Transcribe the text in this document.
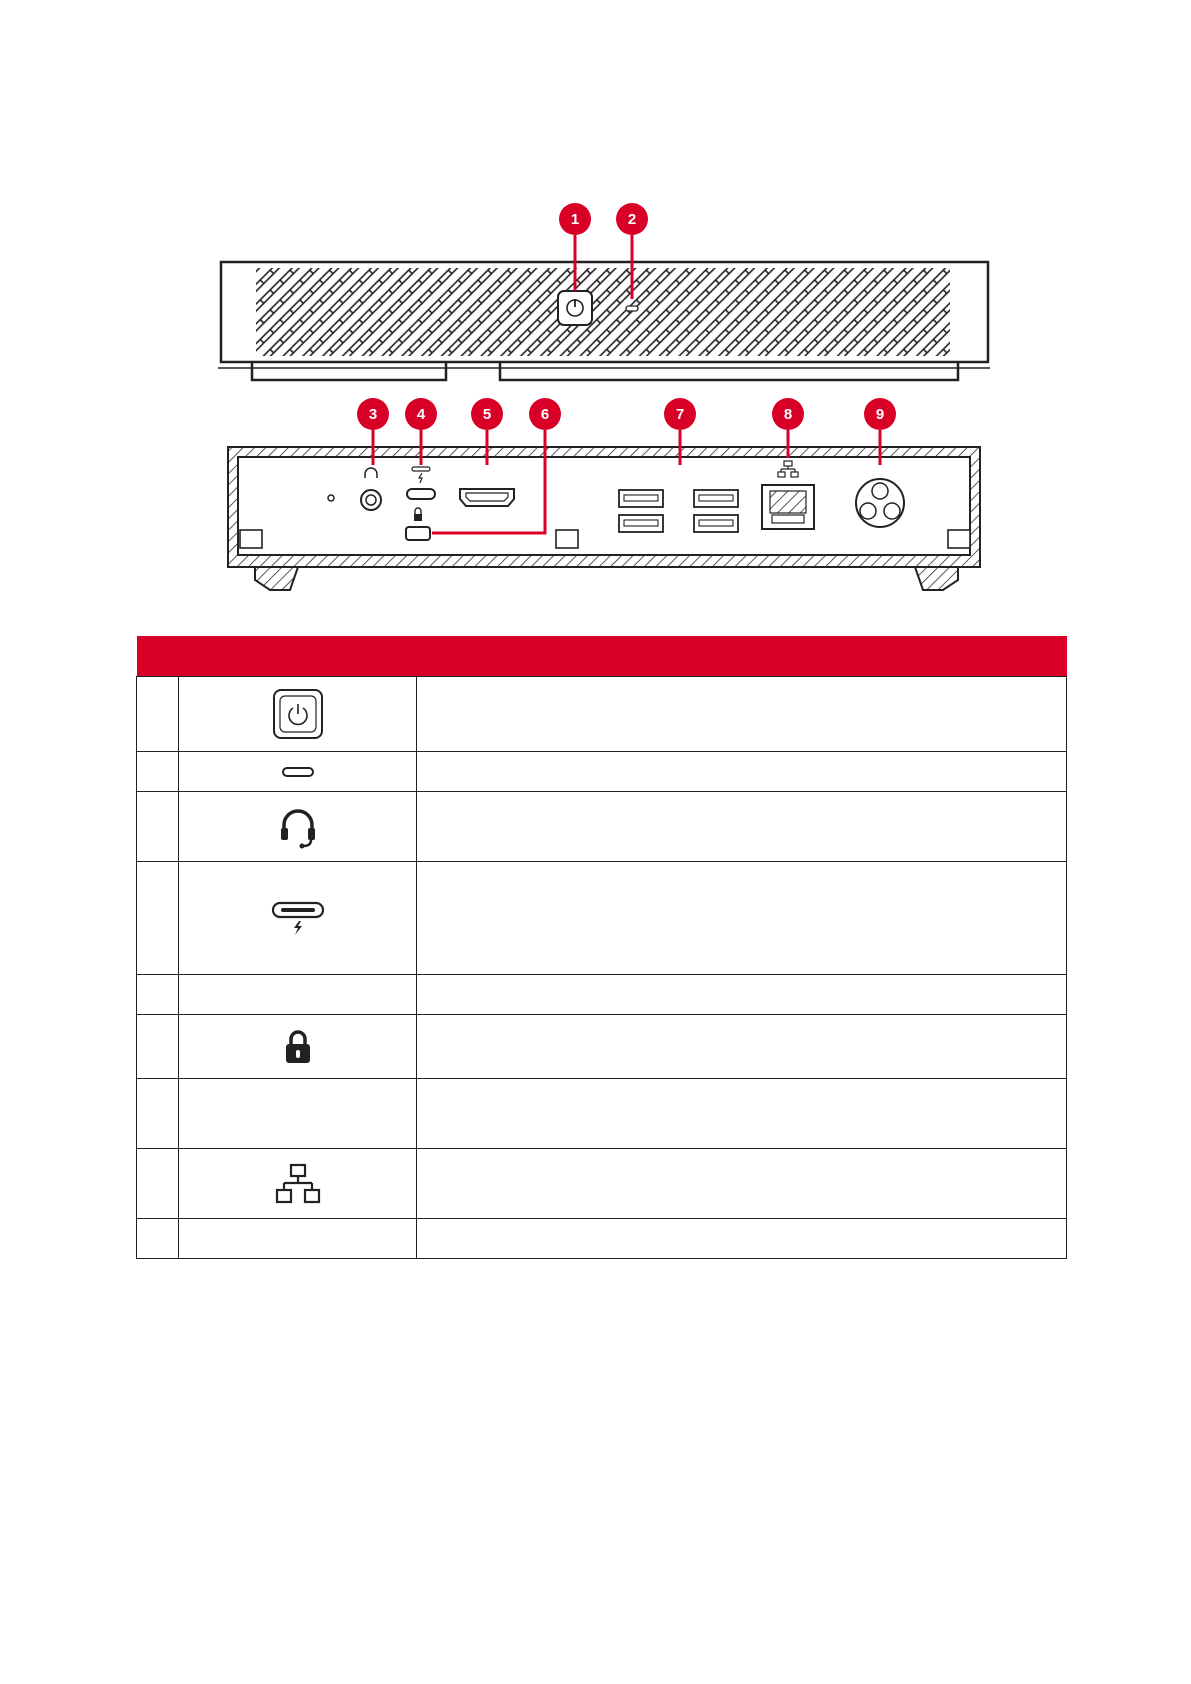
1	2
3	4	5	6	7	8	9
